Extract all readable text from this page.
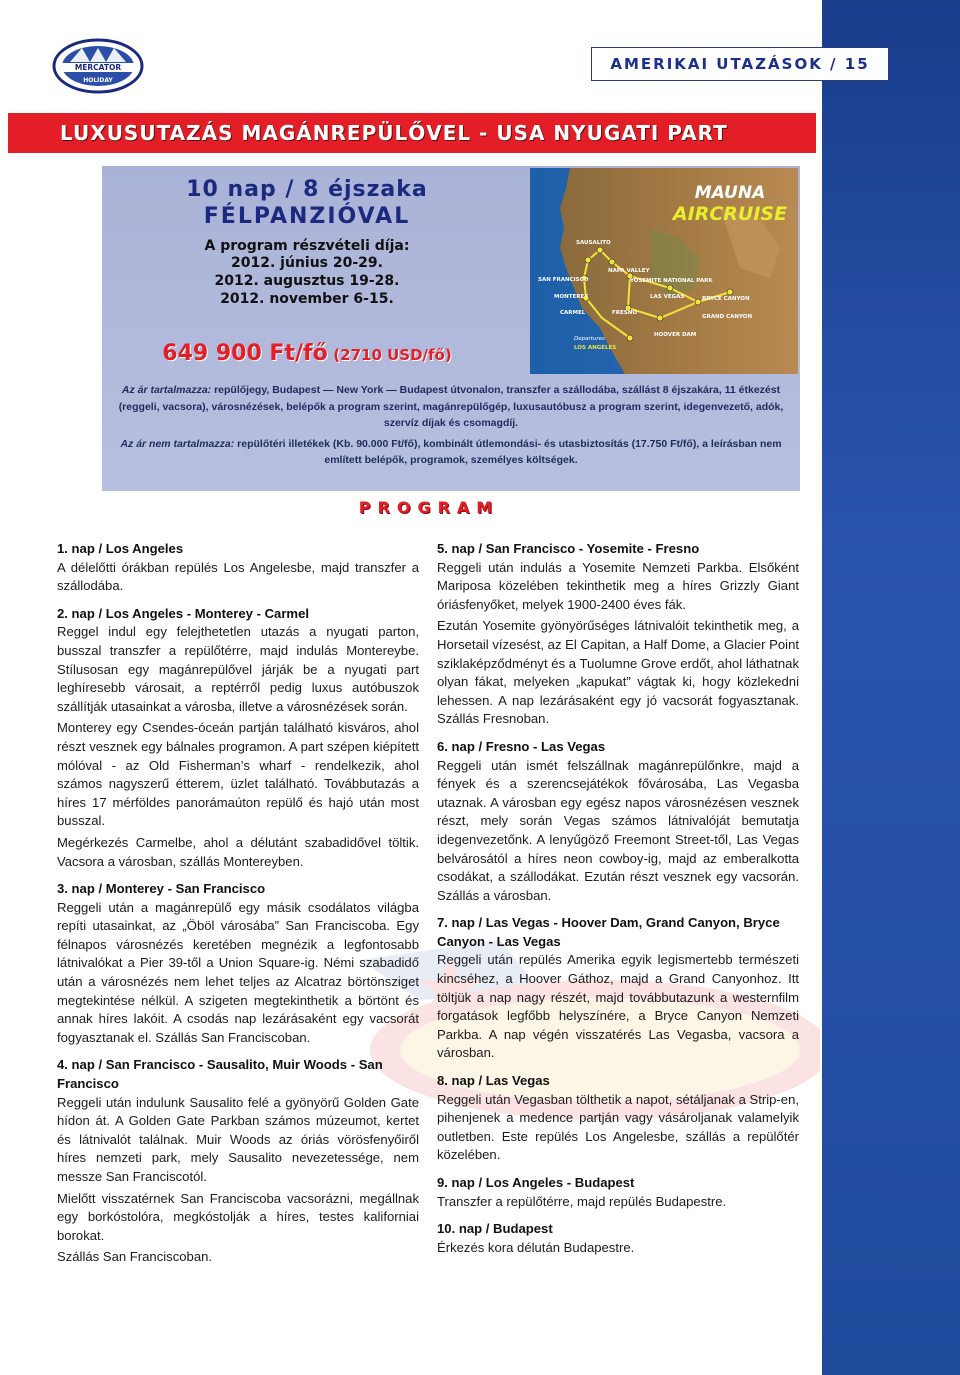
MERCATOR
HOLIDAY
AMERIKAI UTAZÁSOK / 15
LUXUSUTAZÁS MAGÁNREPÜLŐVEL - USA NYUGATI PART
10 nap / 8 éjszaka
FÉLPANZIÓVAL
A program részvételi díja:
2012. június 20-29.
2012. augusztus 19-28.
2012. november 6-15.
649 900 Ft/fő (2710 USD/fő)
MAUNA
AIRCRUISE
SAUSALITO
NAPA VALLEY
SAN FRANCISCO	YOSEMITE NATIONAL PARK
MONTEREY	LAS VEGAS	BRYCE CANYON
CARMEL	FRESNO
GRAND CANYON
HOOVER DAM
Departures
LOS ANGELES
Az ár tartalmazza: repülőjegy, Budapest — New York — Budapest útvonalon, transzfer a szállodába, szállást 8 éjszakára, 11 étkezést (reggeli, vacsora), városnézések, belépők a program szerint, magánrepülőgép, luxusautóbusz a program szerint, idegenvezető, adók, szervíz díjak és csomagdíj.
Az ár nem tartalmazza: repülőtéri illetékek (Kb. 90.000 Ft/fő), kombinált útlemondási- és utasbiztosítás (17.750 Ft/fő), a leírásban nem említett belépők, programok, személyes költségek.
PROGRAM
1. nap / Los Angeles

A délelőtti órákban repülés Los Angelesbe, majd transzfer a szállodába.

2. nap / Los Angeles - Monterey - Carmel

Reggel indul egy felejthetetlen utazás a nyugati parton, busszal transzfer a repülőtérre, majd indulás Montereybe. Stílusosan egy magánrepülővel járják be a nyugati part leghíresebb városait, a reptérről pedig luxus autóbuszok szállítják utasainkat a városba, illetve a városnézések során.

Monterey egy Csendes-óceán partján található kisváros, ahol részt vesznek egy bálnales programon. A part szépen kiépített mólóval - az Old Fisherman’s wharf - rendelkezik, ahol számos nagyszerű étterem, üzlet található. Továbbutazás a híres 17 mérföldes panorámaúton repülő és hajó után most busszal.

Megérkezés Carmelbe, ahol a délutánt szabadidővel töltik. Vacsora a városban, szállás Montereyben.

3. nap / Monterey - San Francisco

Reggeli után a magánrepülő egy másik csodálatos világba repíti utasainkat, az „Öböl városába” San Franciscoba. Egy félnapos városnézés keretében megnézik a legfontosabb látnivalókat a Pier 39-től a Union Square-ig. Némi szabadidő után a városnézés nem lehet teljes az Alcatraz börtönsziget megtekintése nélkül. A szigeten megtekinthetik a börtönt és annak híres lakóit. A csodás nap lezárásaként egy vacsorát fogyasztanak el. Szállás San Franciscoban.

4. nap / San Francisco - Sausalito, Muir Woods - San Francisco

Reggeli után indulunk Sausalito felé a gyönyörű Golden Gate hídon át. A Golden Gate Parkban számos múzeumot, kertet és látnivalót találnak. Muir Woods az óriás vörösfenyőiről híres nemzeti park, mely Sausalito nevezetessége, nem messze San Franciscotól.

Mielőtt visszatérnek San Franciscoba vacsorázni, megállnak egy borkóstolóra, megkóstolják a híres, testes kaliforniai borokat.

Szállás San Franciscoban.

5. nap / San Francisco - Yosemite - Fresno

Reggeli után indulás a Yosemite Nemzeti Parkba. Elsőként Mariposa közelében tekinthetik meg a híres Grizzly Giant óriásfenyőket, melyek 1900-2400 éves fák.

Ezután Yosemite gyönyörűséges látnivalóit tekinthetik meg, a Horsetail vízesést, az El Capitan, a Half Dome, a Glacier Point sziklaképződményt és a Tuolumne Grove erdőt, ahol láthatnak olyan fákat, melyeken „kapukat” vágtak ki, hogy közlekedni lehessen. A nap lezárásaként egy jó vacsorát fogyasztanak. Szállás Fresnoban.

6. nap / Fresno - Las Vegas

Reggeli után ismét felszállnak magánrepülőnkre, majd a fények és a szerencsejátékok fővárosába, Las Vegasba utaznak. A városban egy egész napos városnézésen vesznek részt, mely során Vegas számos látnivalóját bemutatja idegenvezetőnk. A lenyűgöző Freemont Street-től, Las Vegas belvárosától a híres neon cowboy-ig, majd az emberalkotta csodákat, a szállodákat. Ezután részt vesznek egy vacsorán. Szállás a városban.

7. nap / Las Vegas - Hoover Dam, Grand Canyon, Bryce Canyon - Las Vegas

Reggeli után repülés Amerika egyik legismertebb természeti kincséhez, a Hoover Gáthoz, majd a Grand Canyonhoz. Itt töltjük a nap nagy részét, majd továbbutazunk a westernfilm forgatások legfőbb helyszínére, a Bryce Canyon Nemzeti Parkba. A nap végén visszatérés Las Vegasba, vacsora a városban.

8. nap / Las Vegas

Reggeli után Vegasban tölthetik a napot, sétáljanak a Strip-en, pihenjenek a medence partján vagy vásároljanak valamelyik outletben. Este repülés Los Angelesbe, szállás a repülőtér közelében.

9. nap / Los Angeles - Budapest

Transzfer a repülőtérre, majd repülés Budapestre.

10. nap / Budapest

Érkezés kora délután Budapestre.
